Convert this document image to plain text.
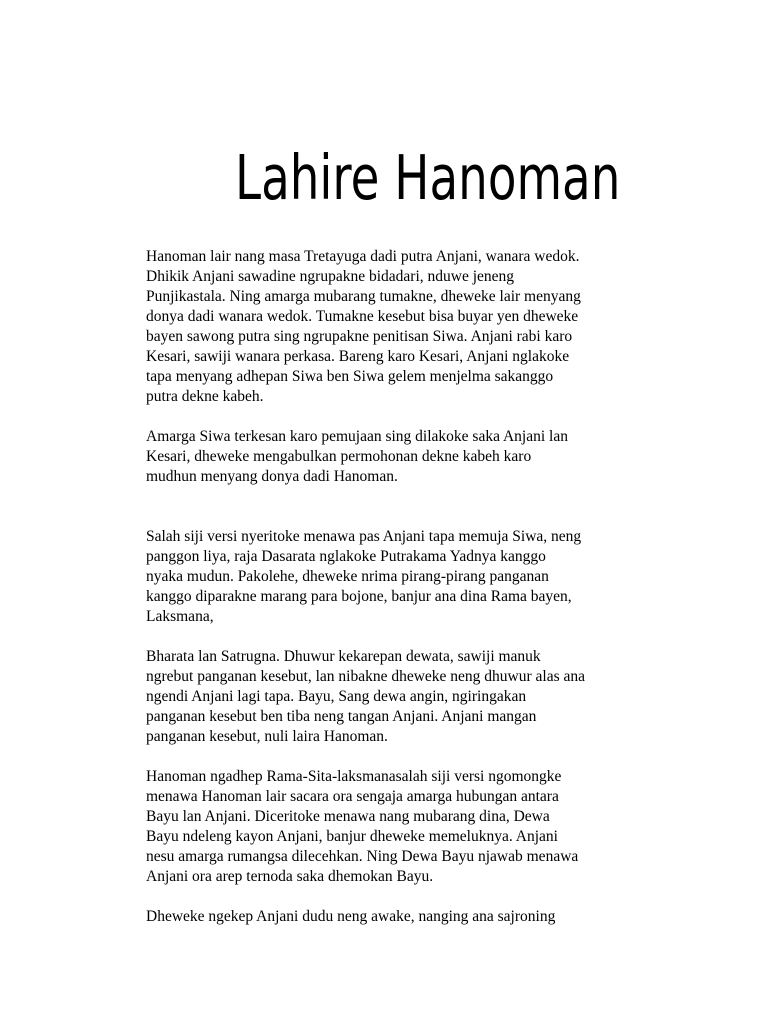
Lahire Hanoman

Hanoman lair nang masa Tretayuga dadi putra Anjani, wanara wedok.
Dhikik Anjani sawadine ngrupakne bidadari, nduwe jeneng
Punjikastala. Ning amarga mubarang tumakne, dheweke lair menyang
donya dadi wanara wedok. Tumakne kesebut bisa buyar yen dheweke
bayen sawong putra sing ngrupakne penitisan Siwa. Anjani rabi karo
Kesari, sawiji wanara perkasa. Bareng karo Kesari, Anjani nglakoke
tapa menyang adhepan Siwa ben Siwa gelem menjelma sakanggo
putra dekne kabeh.

Amarga Siwa terkesan karo pemujaan sing dilakoke saka Anjani lan
Kesari, dheweke mengabulkan permohonan dekne kabeh karo
mudhun menyang donya dadi Hanoman.

Salah siji versi nyeritoke menawa pas Anjani tapa memuja Siwa, neng
panggon liya, raja Dasarata nglakoke Putrakama Yadnya kanggo
nyaka mudun. Pakolehe, dheweke nrima pirang-pirang panganan
kanggo diparakne marang para bojone, banjur ana dina Rama bayen,
Laksmana,

Bharata lan Satrugna. Dhuwur kekarepan dewata, sawiji manuk
ngrebut panganan kesebut, lan nibakne dheweke neng dhuwur alas ana
ngendi Anjani lagi tapa. Bayu, Sang dewa angin, ngiringakan
panganan kesebut ben tiba neng tangan Anjani. Anjani mangan
panganan kesebut, nuli laira Hanoman.

Hanoman ngadhep Rama-Sita-laksmanasalah siji versi ngomongke
menawa Hanoman lair sacara ora sengaja amarga hubungan antara
Bayu lan Anjani. Diceritoke menawa nang mubarang dina, Dewa
Bayu ndeleng kayon Anjani, banjur dheweke memeluknya. Anjani
nesu amarga rumangsa dilecehkan. Ning Dewa Bayu njawab menawa
Anjani ora arep ternoda saka dhemokan Bayu.

Dheweke ngekep Anjani dudu neng awake, nanging ana sajroning
